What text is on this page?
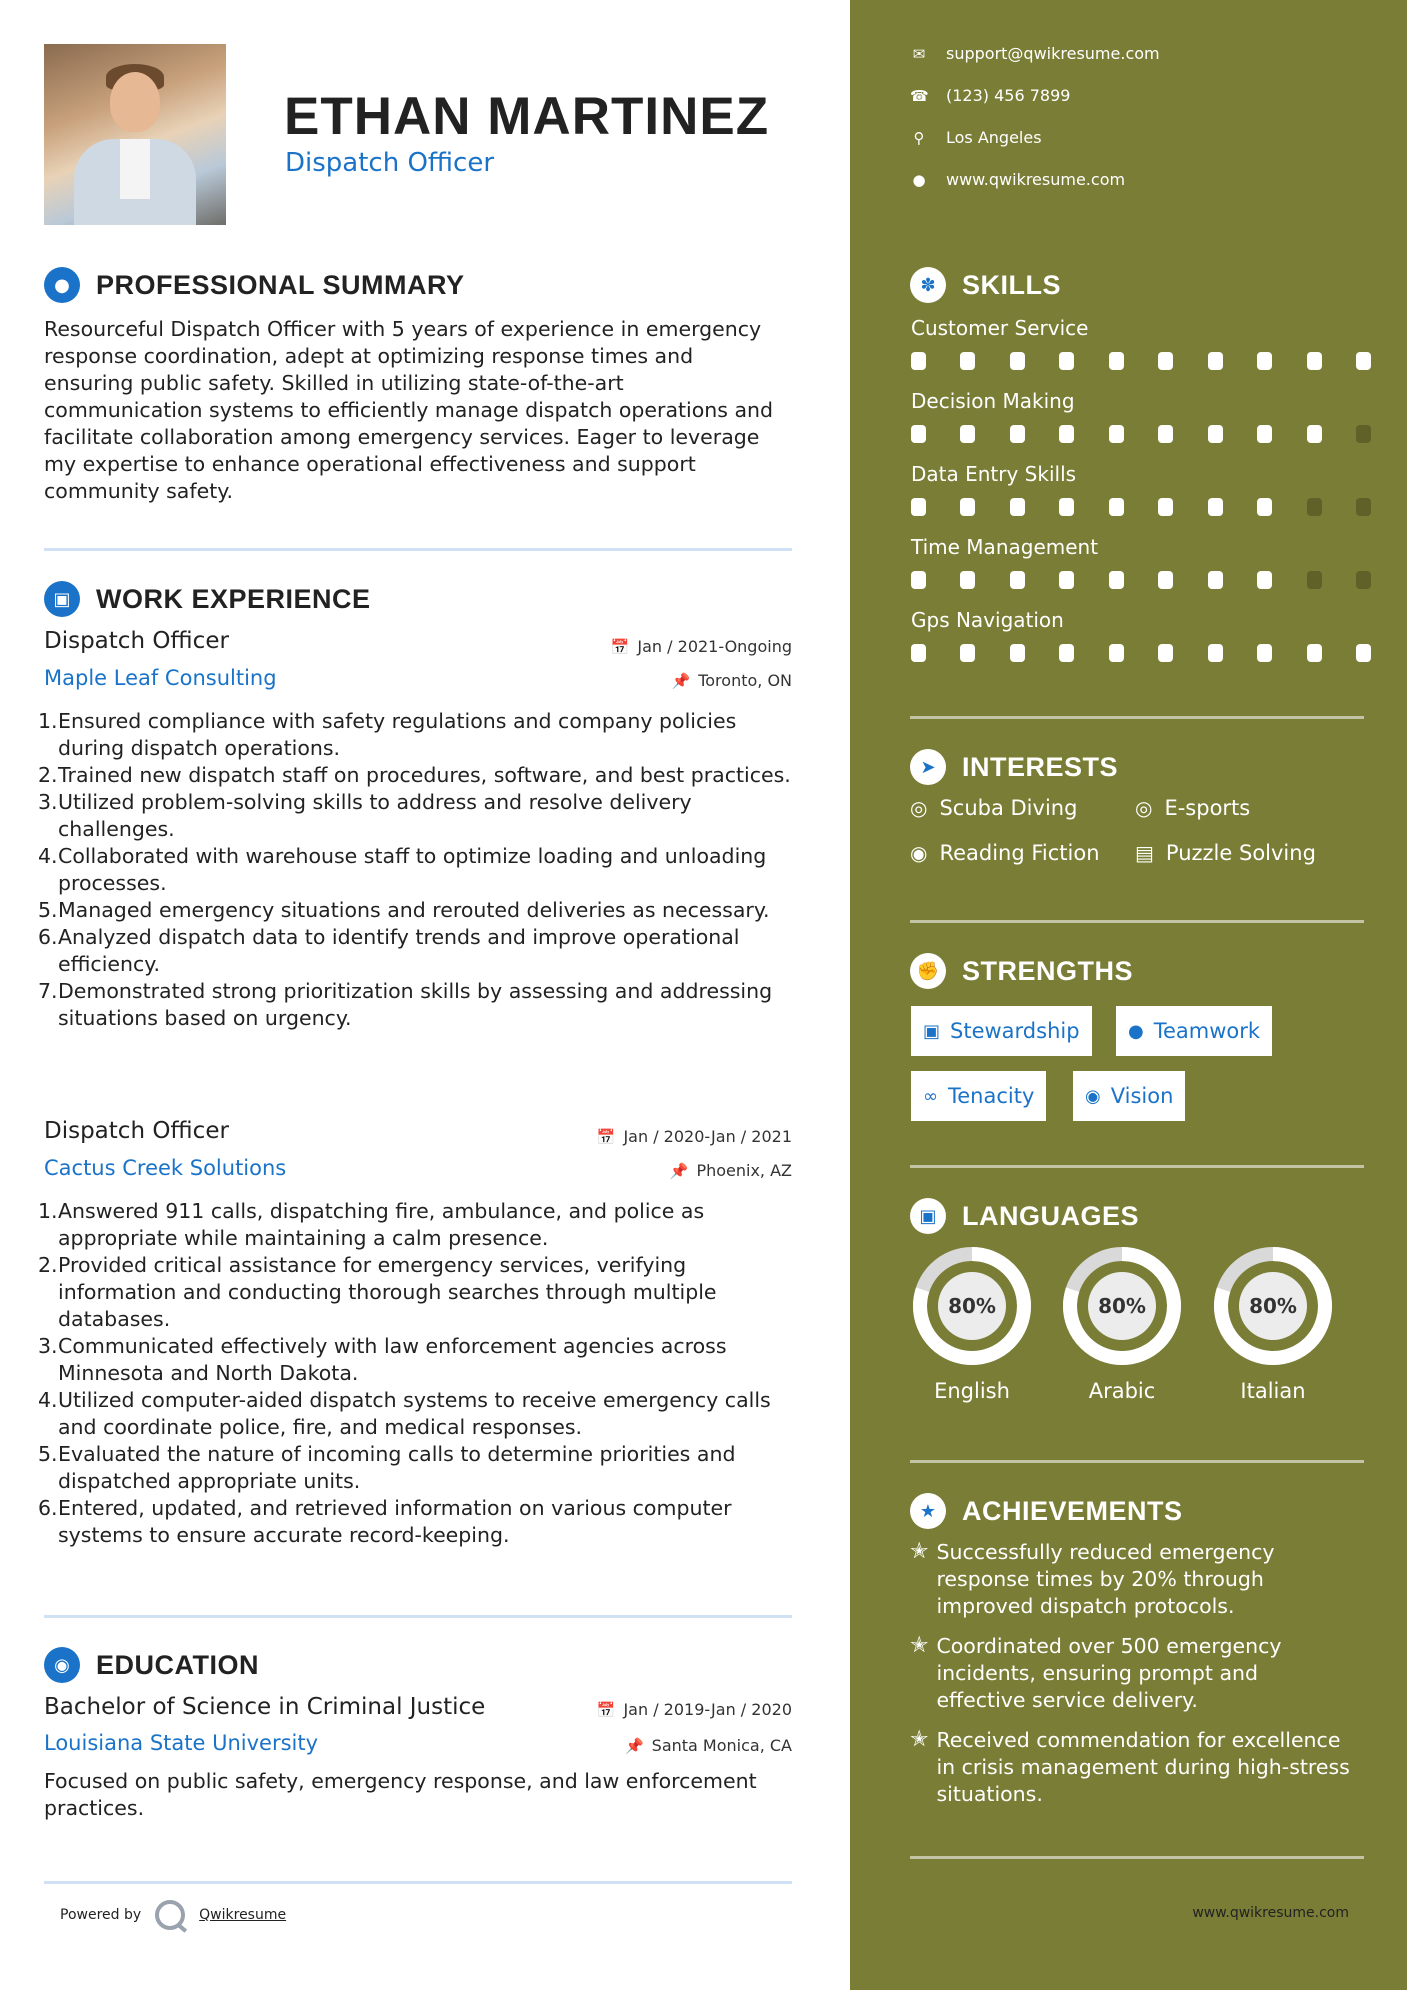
ETHAN MARTINEZ
Dispatch Officer
● PROFESSIONAL SUMMARY
Resourceful Dispatch Officer with 5 years of experience in emergency response coordination, adept at optimizing response times and ensuring public safety. Skilled in utilizing state-of-the-art communication systems to efficiently manage dispatch operations and facilitate collaboration among emergency services. Eager to leverage my expertise to enhance operational effectiveness and support community safety.
▣ WORK EXPERIENCE
Dispatch Officer	📅 Jan / 2021-Ongoing
Maple Leaf Consulting	📌 Toronto, ON
1. Ensured compliance with safety regulations and company policies during dispatch operations.
2. Trained new dispatch staff on procedures, software, and best practices.
3. Utilized problem-solving skills to address and resolve delivery challenges.
4. Collaborated with warehouse staff to optimize loading and unloading processes.
5. Managed emergency situations and rerouted deliveries as necessary.
6. Analyzed dispatch data to identify trends and improve operational efficiency.
7. Demonstrated strong prioritization skills by assessing and addressing situations based on urgency.
Dispatch Officer	📅 Jan / 2020-Jan / 2021
Cactus Creek Solutions	📌 Phoenix, AZ
1. Answered 911 calls, dispatching fire, ambulance, and police as appropriate while maintaining a calm presence.
2. Provided critical assistance for emergency services, verifying information and conducting thorough searches through multiple databases.
3. Communicated effectively with law enforcement agencies across Minnesota and North Dakota.
4. Utilized computer-aided dispatch systems to receive emergency calls and coordinate police, fire, and medical responses.
5. Evaluated the nature of incoming calls to determine priorities and dispatched appropriate units.
6. Entered, updated, and retrieved information on various computer systems to ensure accurate record-keeping.
◉ EDUCATION
Bachelor of Science in Criminal Justice	📅 Jan / 2019-Jan / 2020
Louisiana State University	📌 Santa Monica, CA
Focused on public safety, emergency response, and law enforcement practices.
Powered by	Qwikresume
✉ support@qwikresume.com
☎ (123) 456 7899
⚲ Los Angeles
● www.qwikresume.com
✽ SKILLS
Customer Service
Decision Making
Data Entry Skills
Time Management
Gps Navigation
➤ INTERESTS
◎ Scuba Diving	◎ E-sports
◉ Reading Fiction ▤ Puzzle Solving
✊ STRENGTHS
▣ Stewardship	● Teamwork
∞ Tenacity	◉ Vision
▣ LANGUAGES
80%
English
80%
Arabic
80%
Italian
★ ACHIEVEMENTS
✭ Successfully reduced emergency response times by 20% through improved dispatch protocols.
✭ Coordinated over 500 emergency incidents, ensuring prompt and effective service delivery.
✭ Received commendation for excellence in crisis management during high-stress situations.
www.qwikresume.com
